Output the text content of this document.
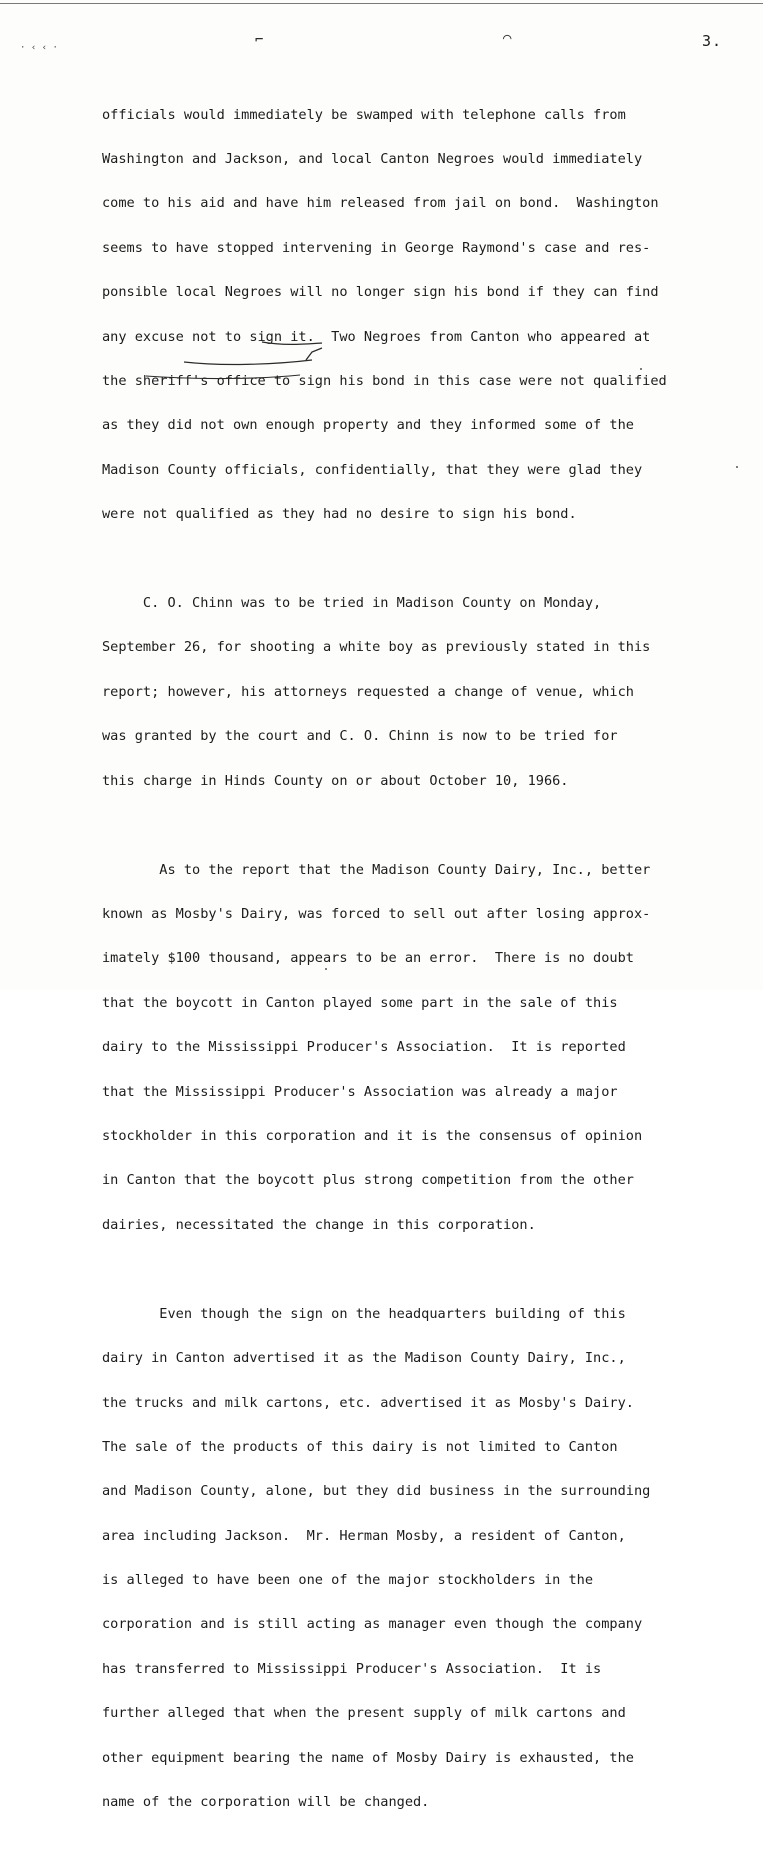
· ‹ ‹ ·	⌐	⌒	3.

officials would immediately be swamped with telephone calls from

Washington and Jackson, and local Canton Negroes would immediately

come to his aid and have him released from jail on bond.  Washington

seems to have stopped intervening in George Raymond's case and res-

ponsible local Negroes will no longer sign his bond if they can find

any excuse not to sign it.  Two Negroes from Canton who appeared at

the sheriff's office to sign his bond in this case were not qualified

as they did not own enough property and they informed some of the

Madison County officials, confidentially, that they were glad they

were not qualified as they had no desire to sign his bond.

C. O. Chinn was to be tried in Madison County on Monday,

September 26, for shooting a white boy as previously stated in this

report; however, his attorneys requested a change of venue, which

was granted by the court and C. O. Chinn is now to be tried for

this charge in Hinds County on or about October 10, 1966.

As to the report that the Madison County Dairy, Inc., better

known as Mosby's Dairy, was forced to sell out after losing approx-

imately $100 thousand, appears to be an error.  There is no doubt

that the boycott in Canton played some part in the sale of this

dairy to the Mississippi Producer's Association.  It is reported

that the Mississippi Producer's Association was already a major

stockholder in this corporation and it is the consensus of opinion

in Canton that the boycott plus strong competition from the other

dairies, necessitated the change in this corporation.

Even though the sign on the headquarters building of this

dairy in Canton advertised it as the Madison County Dairy, Inc.,

the trucks and milk cartons, etc. advertised it as Mosby's Dairy.

The sale of the products of this dairy is not limited to Canton

and Madison County, alone, but they did business in the surrounding

area including Jackson.  Mr. Herman Mosby, a resident of Canton,

is alleged to have been one of the major stockholders in the

corporation and is still acting as manager even though the company

has transferred to Mississippi Producer's Association.  It is

further alleged that when the present supply of milk cartons and

other equipment bearing the name of Mosby Dairy is exhausted, the

name of the corporation will be changed.
